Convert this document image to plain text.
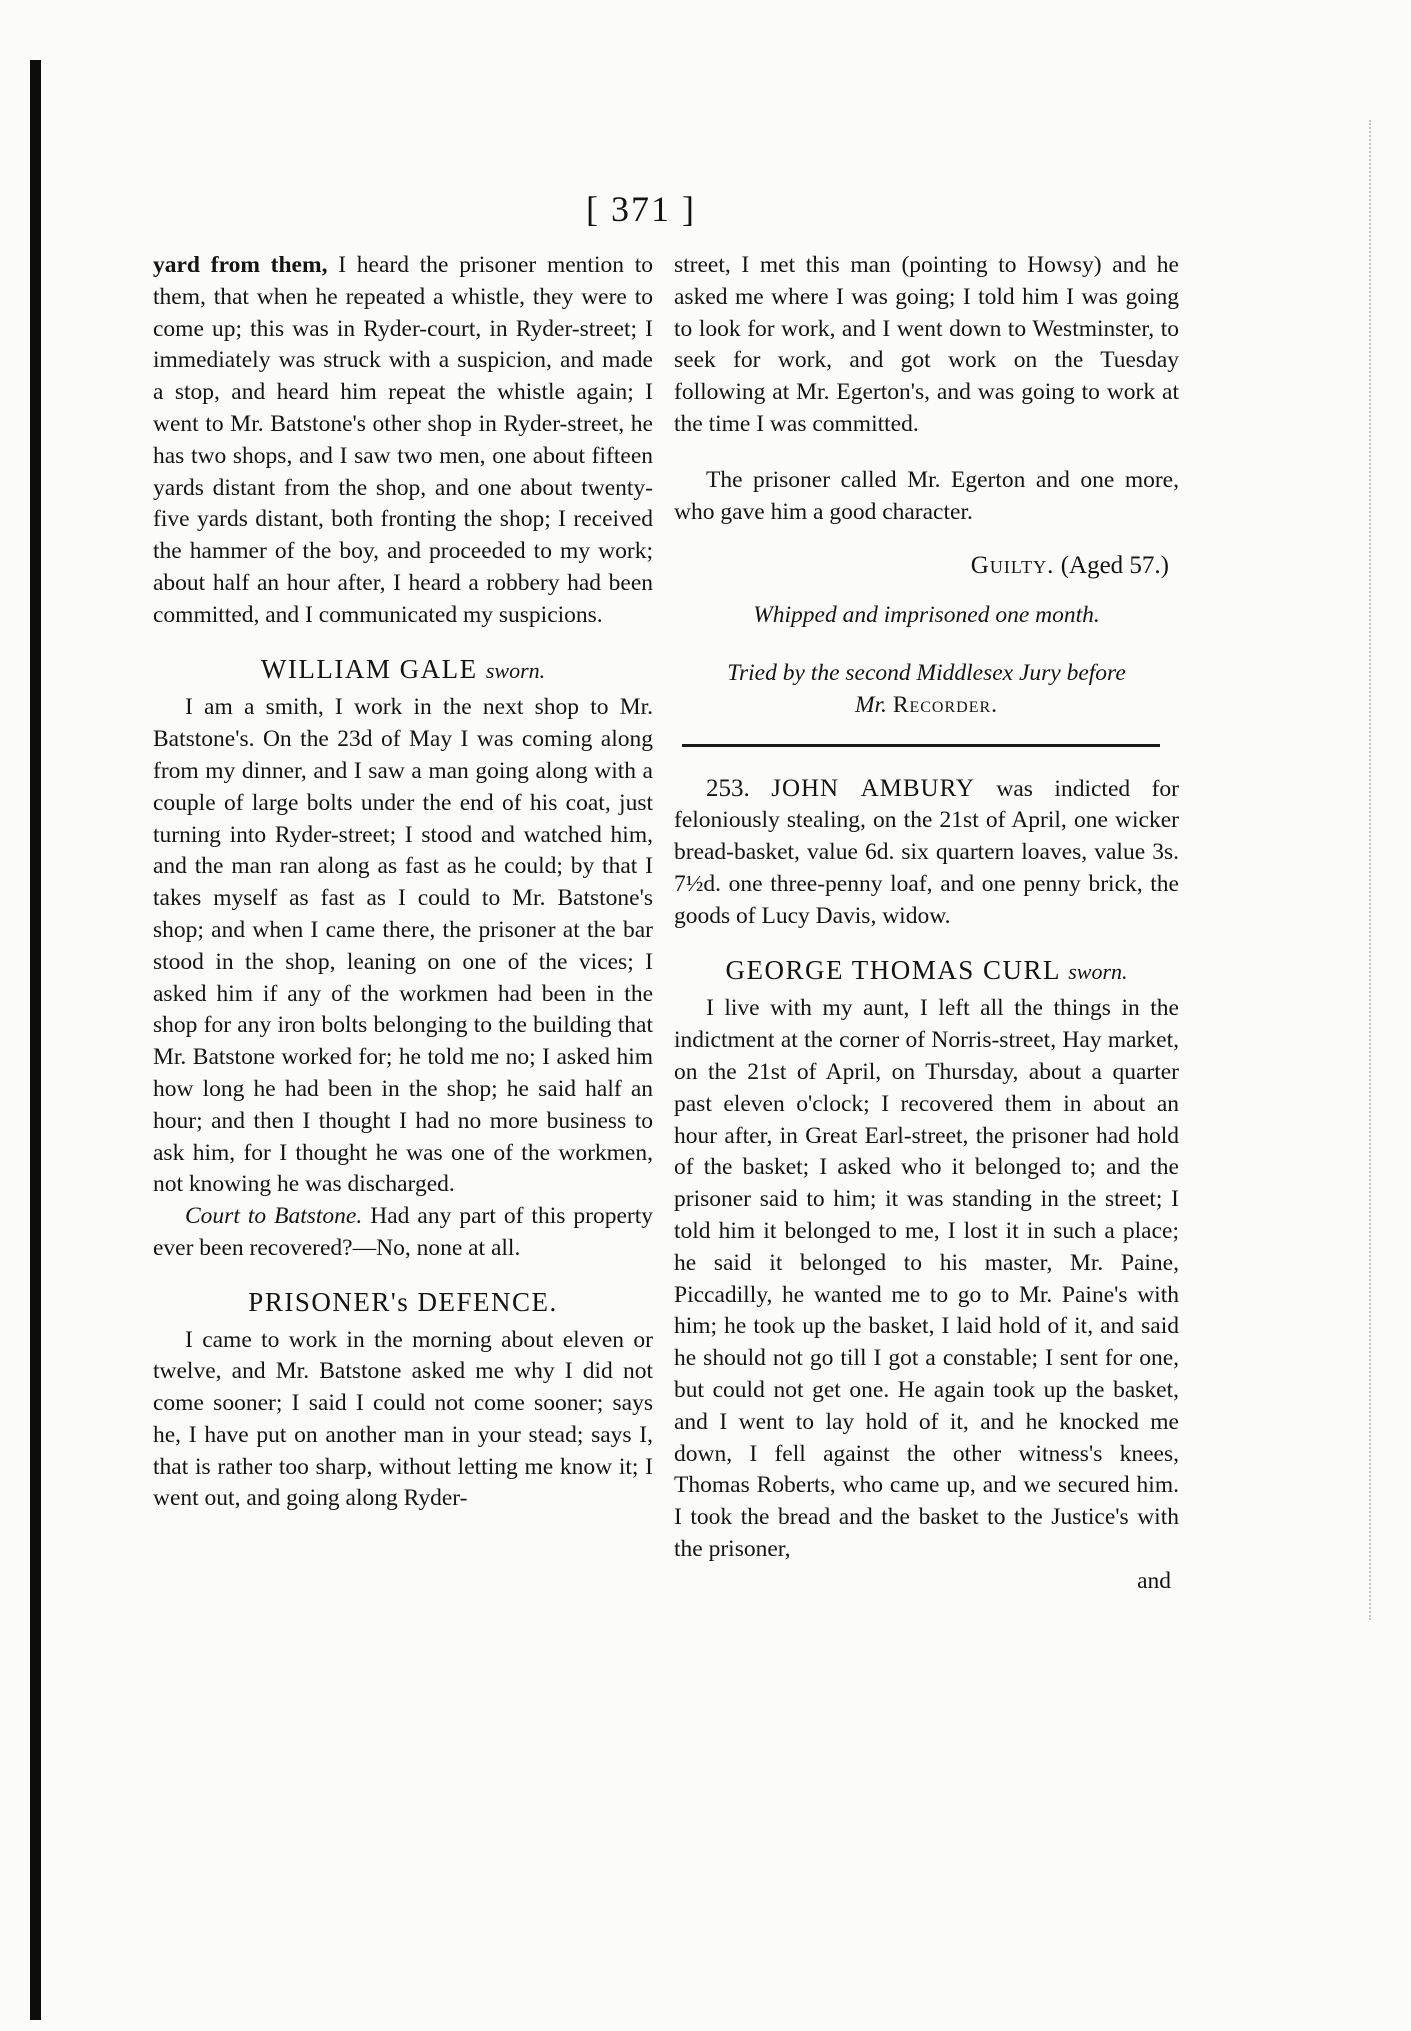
[ 371 ]

yard from them, I heard the prisoner mention to them, that when he repeated a whistle, they were to come up; this was in Ryder-court, in Ryder-street; I immediately was struck with a suspicion, and made a stop, and heard him repeat the whistle again; I went to Mr. Batstone's other shop in Ryder-street, he has two shops, and I saw two men, one about fifteen yards distant from the shop, and one about twenty-five yards distant, both fronting the shop; I received the hammer of the boy, and proceeded to my work; about half an hour after, I heard a robbery had been committed, and I communicated my suspicions.

WILLIAM GALE sworn.

I am a smith, I work in the next shop to Mr. Batstone's. On the 23d of May I was coming along from my dinner, and I saw a man going along with a couple of large bolts under the end of his coat, just turning into Ryder-street; I stood and watched him, and the man ran along as fast as he could; by that I takes myself as fast as I could to Mr. Batstone's shop; and when I came there, the prisoner at the bar stood in the shop, leaning on one of the vices; I asked him if any of the workmen had been in the shop for any iron bolts belonging to the building that Mr. Batstone worked for; he told me no; I asked him how long he had been in the shop; he said half an hour; and then I thought I had no more business to ask him, for I thought he was one of the workmen, not knowing he was discharged.

Court to Batstone. Had any part of this property ever been recovered?—No, none at all.

PRISONER's DEFENCE.

I came to work in the morning about eleven or twelve, and Mr. Batstone asked me why I did not come sooner; I said I could not come sooner; says he, I have put on another man in your stead; says I, that is rather too sharp, without letting me know it; I went out, and going along Ryder-

street, I met this man (pointing to Howsy) and he asked me where I was going; I told him I was going to look for work, and I went down to Westminster, to seek for work, and got work on the Tuesday following at Mr. Egerton's, and was going to work at the time I was committed.

The prisoner called Mr. Egerton and one more, who gave him a good character.

Guilty. (Aged 57.)

Whipped and imprisoned one month.

Tried by the second Middlesex Jury before
Mr. Recorder.

253. JOHN AMBURY was indicted for feloniously stealing, on the 21st of April, one wicker bread-basket, value 6d. six quartern loaves, value 3s. 7½d. one three-penny loaf, and one penny brick, the goods of Lucy Davis, widow.

GEORGE THOMAS CURL sworn.

I live with my aunt, I left all the things in the indictment at the corner of Norris-street, Hay market, on the 21st of April, on Thursday, about a quarter past eleven o'clock; I recovered them in about an hour after, in Great Earl-street, the prisoner had hold of the basket; I asked who it belonged to; and the prisoner said to him; it was standing in the street; I told him it belonged to me, I lost it in such a place; he said it belonged to his master, Mr. Paine, Piccadilly, he wanted me to go to Mr. Paine's with him; he took up the basket, I laid hold of it, and said he should not go till I got a constable; I sent for one, but could not get one. He again took up the basket, and I went to lay hold of it, and he knocked me down, I fell against the other witness's knees, Thomas Roberts, who came up, and we secured him. I took the bread and the basket to the Justice's with the prisoner,

and
